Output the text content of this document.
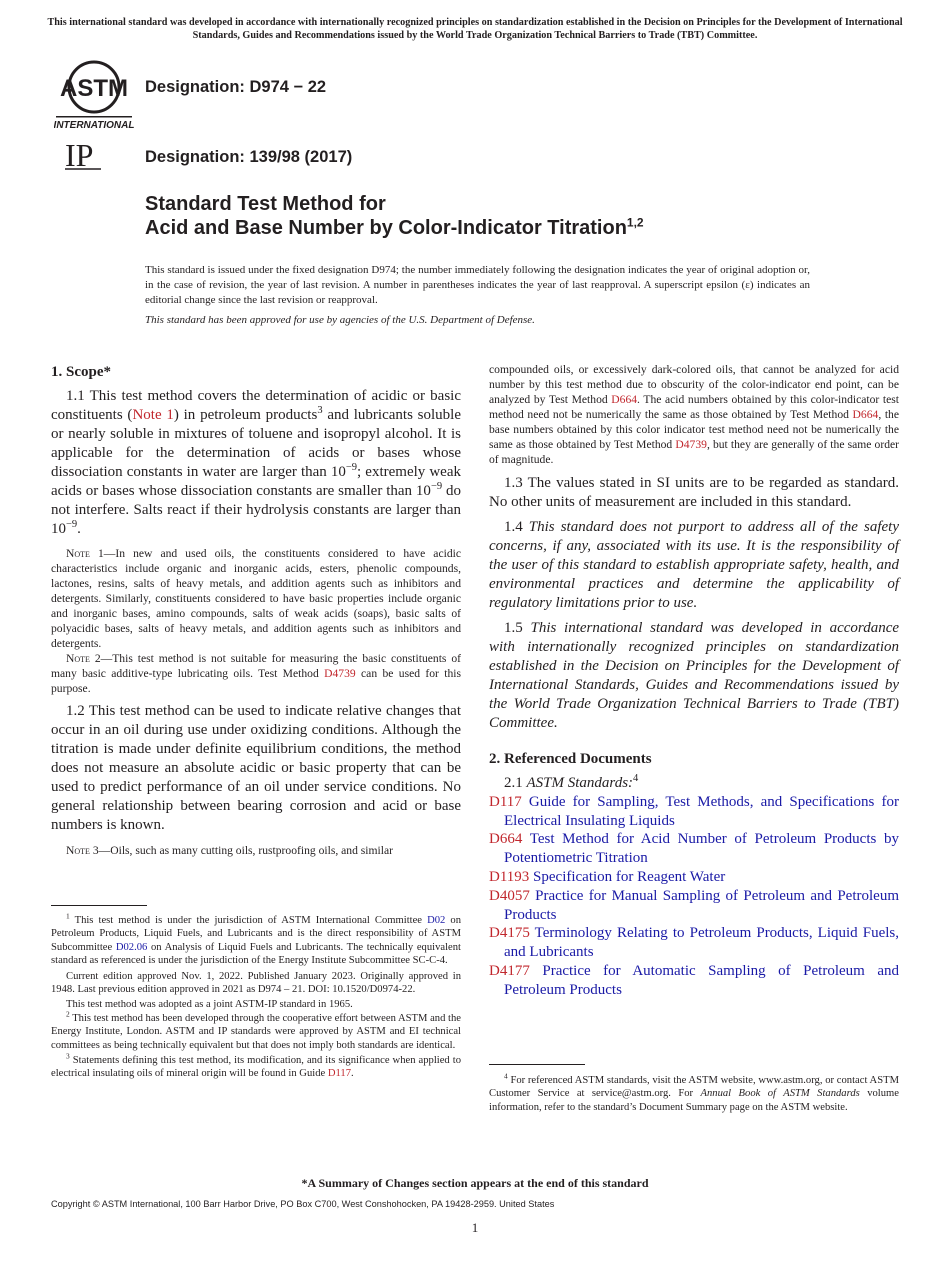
This international standard was developed in accordance with internationally recognized principles on standardization established in the Decision on Principles for the Development of International Standards, Guides and Recommendations issued by the World Trade Organization Technical Barriers to Trade (TBT) Committee.
ASTM
INTERNATIONAL
IP
Designation: D974 − 22
Designation: 139/98 (2017)
Standard Test Method for
Acid and Base Number by Color-Indicator Titration$^{1,2}$
This standard is issued under the fixed designation D974; the number immediately following the designation indicates the year of original adoption or, in the case of revision, the year of last revision. A number in parentheses indicates the year of last reapproval. A superscript epsilon (ε) indicates an editorial change since the last revision or reapproval.
This standard has been approved for use by agencies of the U.S. Department of Defense.
1. Scope*

1.1 This test method covers the determination of acidic or basic constituents (Note 1) in petroleum products$^3$ and lubricants soluble or nearly soluble in mixtures of toluene and isopropyl alcohol. It is applicable for the determination of acids or bases whose dissociation constants in water are larger than $10^{-9}$; extremely weak acids or bases whose dissociation constants are smaller than $10^{-9}$ do not interfere. Salts react if their hydrolysis constants are larger than $10^{-9}$.

Note 1—In new and used oils, the constituents considered to have acidic characteristics include organic and inorganic acids, esters, phenolic compounds, lactones, resins, salts of heavy metals, and addition agents such as inhibitors and detergents. Similarly, constituents considered to have basic properties include organic and inorganic bases, amino compounds, salts of weak acids (soaps), basic salts of polyacidic bases, salts of heavy metals, and addition agents such as inhibitors and detergents.

Note 2—This test method is not suitable for measuring the basic constituents of many basic additive-type lubricating oils. Test Method D4739 can be used for this purpose.

1.2 This test method can be used to indicate relative changes that occur in an oil during use under oxidizing conditions. Although the titration is made under definite equilibrium conditions, the method does not measure an absolute acidic or basic property that can be used to predict performance of an oil under service conditions. No general relationship between bearing corrosion and acid or base numbers is known.

Note 3—Oils, such as many cutting oils, rustproofing oils, and similar

$^1$ This test method is under the jurisdiction of ASTM International Committee D02 on Petroleum Products, Liquid Fuels, and Lubricants and is the direct responsibility of ASTM Subcommittee D02.06 on Analysis of Liquid Fuels and Lubricants. The technically equivalent standard as referenced is under the jurisdiction of the Energy Institute Subcommittee SC-C-4.

Current edition approved Nov. 1, 2022. Published January 2023. Originally approved in 1948. Last previous edition approved in 2021 as D974 – 21. DOI: 10.1520/D0974-22.

This test method was adopted as a joint ASTM-IP standard in 1965.

$^2$ This test method has been developed through the cooperative effort between ASTM and the Energy Institute, London. ASTM and IP standards were approved by ASTM and EI technical committees as being technically equivalent but that does not imply both standards are identical.

$^3$ Statements defining this test method, its modification, and its significance when applied to electrical insulating oils of mineral origin will be found in Guide D117.

compounded oils, or excessively dark-colored oils, that cannot be analyzed for acid number by this test method due to obscurity of the color-indicator end point, can be analyzed by Test Method D664. The acid numbers obtained by this color-indicator test method need not be numerically the same as those obtained by Test Method D664, the base numbers obtained by this color indicator test method need not be numerically the same as those obtained by Test Method D4739, but they are generally of the same order of magnitude.

1.3 The values stated in SI units are to be regarded as standard. No other units of measurement are included in this standard.

1.4 This standard does not purport to address all of the safety concerns, if any, associated with its use. It is the responsibility of the user of this standard to establish appropriate safety, health, and environmental practices and determine the applicability of regulatory limitations prior to use.

1.5 This international standard was developed in accordance with internationally recognized principles on standardization established in the Decision on Principles for the Development of International Standards, Guides and Recommendations issued by the World Trade Organization Technical Barriers to Trade (TBT) Committee.

2. Referenced Documents
2.1 ASTM Standards:$^4$
D117 Guide for Sampling, Test Methods, and Specifications for Electrical Insulating Liquids
D664 Test Method for Acid Number of Petroleum Products by Potentiometric Titration
D1193 Specification for Reagent Water
D4057 Practice for Manual Sampling of Petroleum and Petroleum Products
D4175 Terminology Relating to Petroleum Products, Liquid Fuels, and Lubricants
D4177 Practice for Automatic Sampling of Petroleum and Petroleum Products

$^4$ For referenced ASTM standards, visit the ASTM website, www.astm.org, or contact ASTM Customer Service at service@astm.org. For Annual Book of ASTM Standards volume information, refer to the standard’s Document Summary page on the ASTM website.

*A Summary of Changes section appears at the end of this standard
Copyright © ASTM International, 100 Barr Harbor Drive, PO Box C700, West Conshohocken, PA 19428-2959. United States
1
